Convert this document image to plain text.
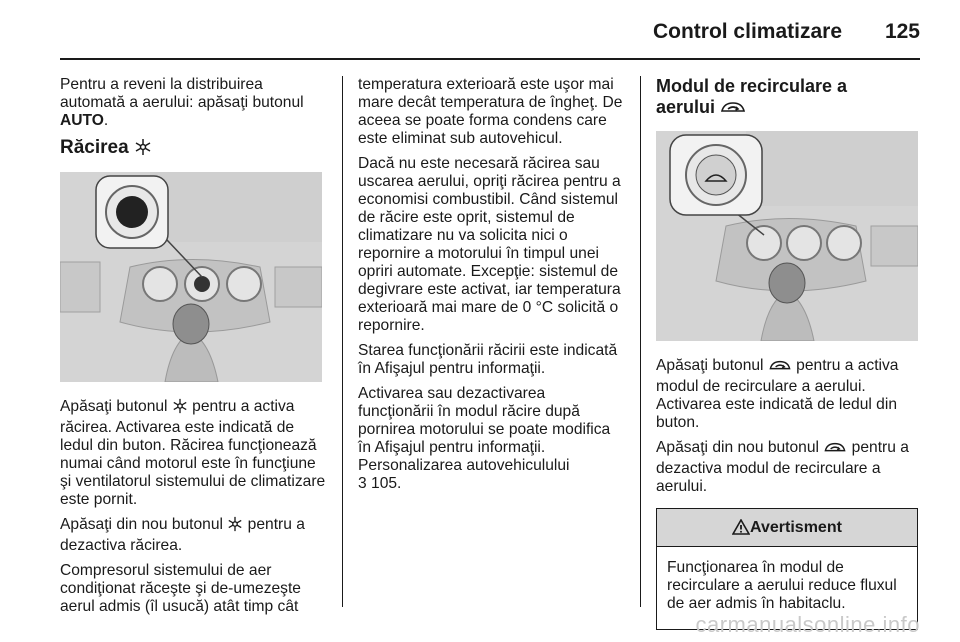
Control climatizare 125

Pentru a reveni la distribuirea automată a aerului: apăsaţi butonul AUTO.

Răcirea

Apăsaţi butonul  pentru a activa răcirea. Activarea este indicată de ledul din buton. Răcirea funcţionează numai când motorul este în funcţiune şi ventilatorul sistemului de climatizare este pornit.

Apăsaţi din nou butonul  pentru a dezactiva răcirea.

Compresorul sistemului de aer condiţionat răceşte şi de-umezeşte aerul admis (îl usucă) atât timp cât

temperatura exterioară este uşor mai mare decât temperatura de îngheţ. De aceea se poate forma condens care este eliminat sub autovehicul.

Dacă nu este necesară răcirea sau uscarea aerului, opriţi răcirea pentru a economisi combustibil. Când sistemul de răcire este oprit, sistemul de climatizare nu va solicita nici o repornire a motorului în timpul unei opriri automate. Excepţie: sistemul de degivrare este activat, iar temperatura exterioară mai mare de 0 °C solicită o repornire.

Starea funcţionării răcirii este indicată în Afişajul pentru informaţii.

Activarea sau dezactivarea funcţionării în modul răcire după pornirea motorului se poate modifica în Afişajul pentru informaţii.

Personalizarea autovehiculului

3 105.

Modul de recirculare a
aerului

Apăsaţi butonul  pentru a activa modul de recirculare a aerului. Activarea este indicată de ledul din buton.

Apăsaţi din nou butonul  pentru a dezactiva modul de recirculare a aerului.

Avertisment
Funcţionarea în modul de recirculare a aerului reduce fluxul de aer admis în habitaclu.
carmanualsonline.info
